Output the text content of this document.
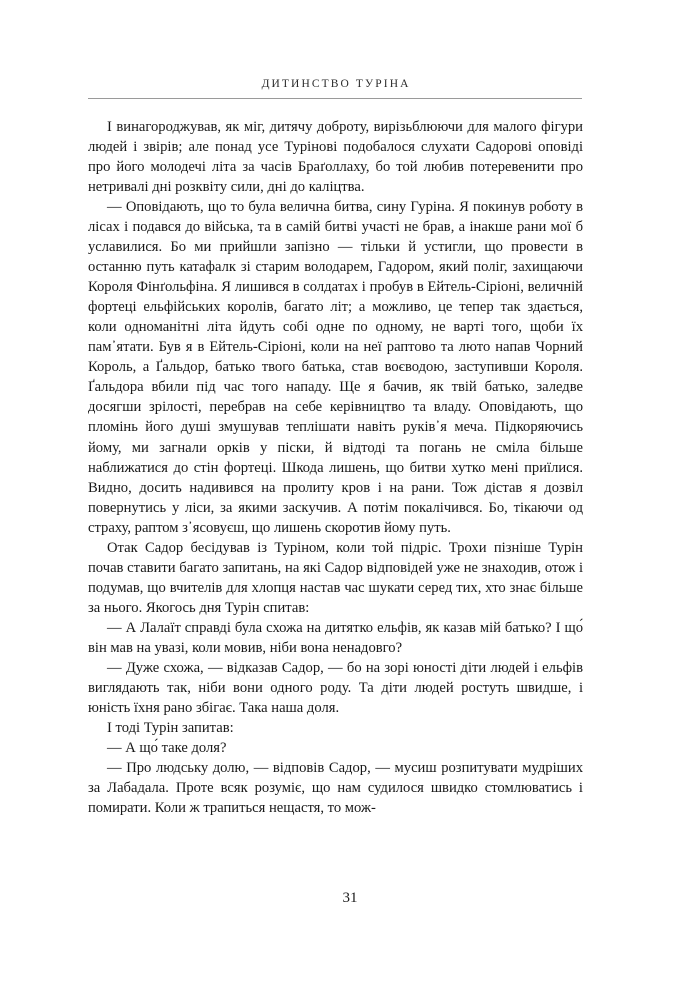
ДИТИНСТВО ТУРІНА

І винагороджував, як міг, дитячу доброту, вирізьблюючи для малого фігури людей і звірів; але понад усе Турінові подобалося слухати Садорові оповіді про його молодечі літа за часів Браґоллаху, бо той любив потеревенити про нетривалі дні розквіту сили, дні до каліцтва.

— Оповідають, що то була велична битва, сину Гуріна. Я покинув роботу в лісах і подався до війська, та в самій битві участі не брав, а інакше рани мої б уславилися. Бо ми прийшли запізно — тільки й устигли, що провести в останню путь катафалк зі старим володарем, Гадором, який поліг, захищаючи Короля Фінґольфіна. Я лишився в солдатах і пробув в Ейтель-Сіріоні, величній фортеці ельфійських королів, багато літ; а можливо, це тепер так здається, коли одноманітні літа йдуть собі одне по одному, не варті того, щоби їх пам᾽ятати. Був я в Ейтель-Сіріоні, коли на неї раптово та люто напав Чорний Король, а Ґальдор, батько твого батька, став воєводою, заступивши Короля. Ґальдора вбили під час того нападу. Ще я бачив, як твій батько, заледве досягши зрілості, перебрав на себе керівництво та владу. Оповідають, що пломінь його душі змушував теплішати навіть руків᾽я меча. Підкоряючись йому, ми загнали орків у піски, й відтоді та погань не сміла більше наближатися до стін фортеці. Шкода лишень, що битви хутко мені приїлися. Видно, досить надивився на пролиту кров і на рани. Тож дістав я дозвіл повернутись у ліси, за якими заскучив. А потім покалічився. Бо, тікаючи од страху, раптом з᾽ясовуєш, що лишень скоротив йому путь.

Отак Садор бесідував із Туріном, коли той підріс. Трохи пізніше Турін почав ставити багато запитань, на які Садор відповідей уже не знаходив, отож і подумав, що вчителів для хлопця настав час шукати серед тих, хто знає більше за нього. Якогось дня Турін спитав:

— А Лалаїт справді була схожа на дитятко ельфів, як казав мій батько? І що́ він мав на увазі, коли мовив, ніби вона ненадовго?

— Дуже схожа, — відказав Садор, — бо на зорі юності діти людей і ельфів виглядають так, ніби вони одного роду. Та діти людей ростуть швидше, і юність їхня рано збігає. Така наша доля.

І тоді Турін запитав:

— А що́ таке доля?

— Про людську долю, — відповів Садор, — мусиш розпитувати мудріших за Лабадала. Проте всяк розуміє, що нам судилося швидко стомлюватись і помирати. Коли ж трапиться нещастя, то мож-

31
